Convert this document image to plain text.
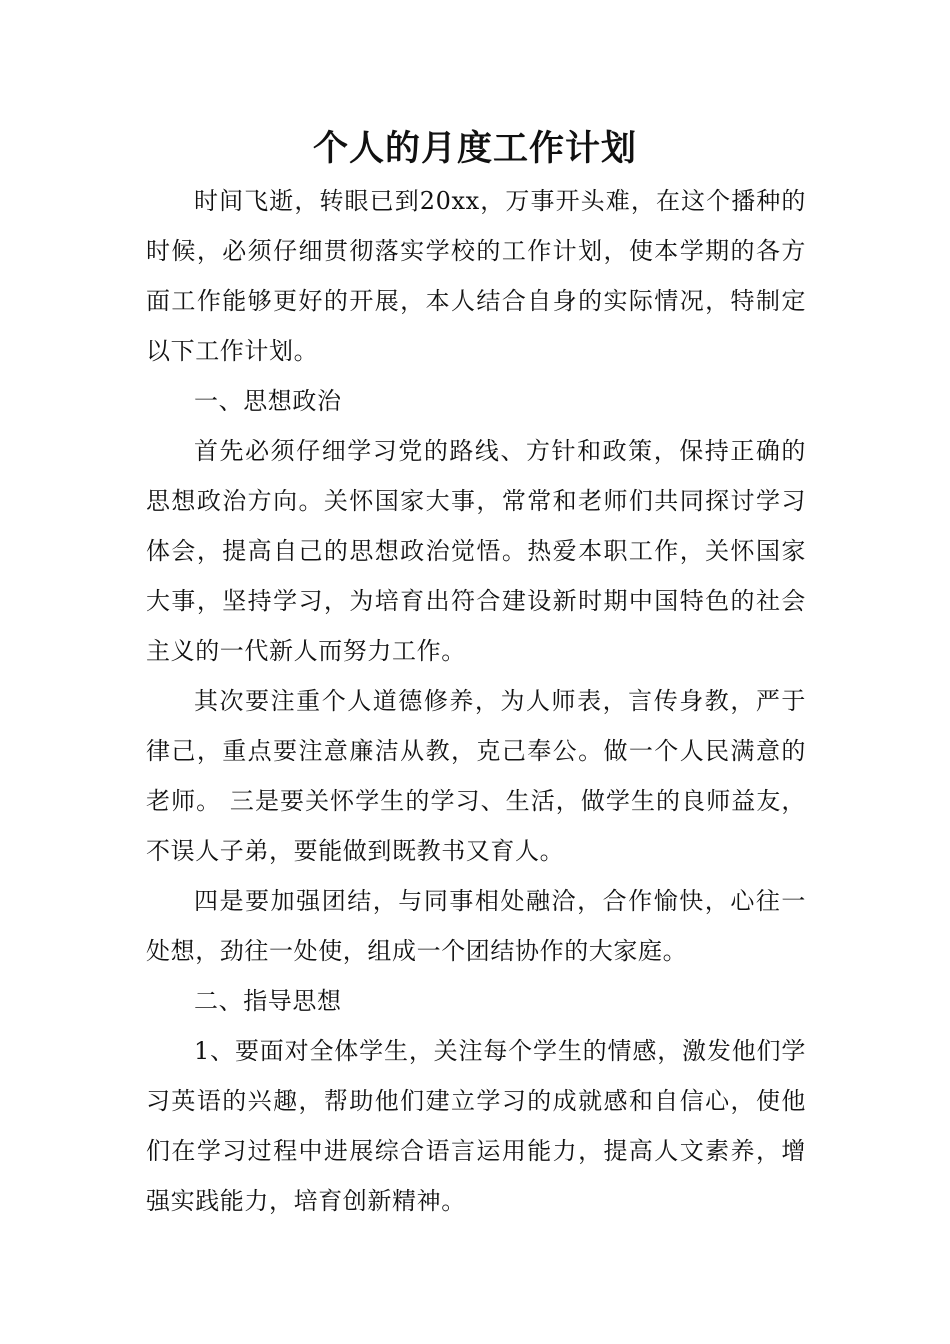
个人的月度工作计划

时间飞逝，转眼已到20xx，万事开头难，在这个播种的时候，必须仔细贯彻落实学校的工作计划，使本学期的各方面工作能够更好的开展，本人结合自身的实际情况，特制定以下工作计划。

一、思想政治

首先必须仔细学习党的路线、方针和政策，保持正确的思想政治方向。关怀国家大事，常常和老师们共同探讨学习体会，提高自己的思想政治觉悟。热爱本职工作，关怀国家大事，坚持学习，为培育出符合建设新时期中国特色的社会主义的一代新人而努力工作。

其次要注重个人道德修养，为人师表，言传身教，严于律己，重点要注意廉洁从教，克己奉公。做一个人民满意的老师。 三是要关怀学生的学习、生活，做学生的良师益友，不误人子弟，要能做到既教书又育人。

四是要加强团结，与同事相处融洽，合作愉快，心往一处想，劲往一处使，组成一个团结协作的大家庭。

二、指导思想

1、要面对全体学生，关注每个学生的情感，激发他们学习英语的兴趣，帮助他们建立学习的成就感和自信心，使他们在学习过程中进展综合语言运用能力，提高人文素养，增强实践能力，培育创新精神。
